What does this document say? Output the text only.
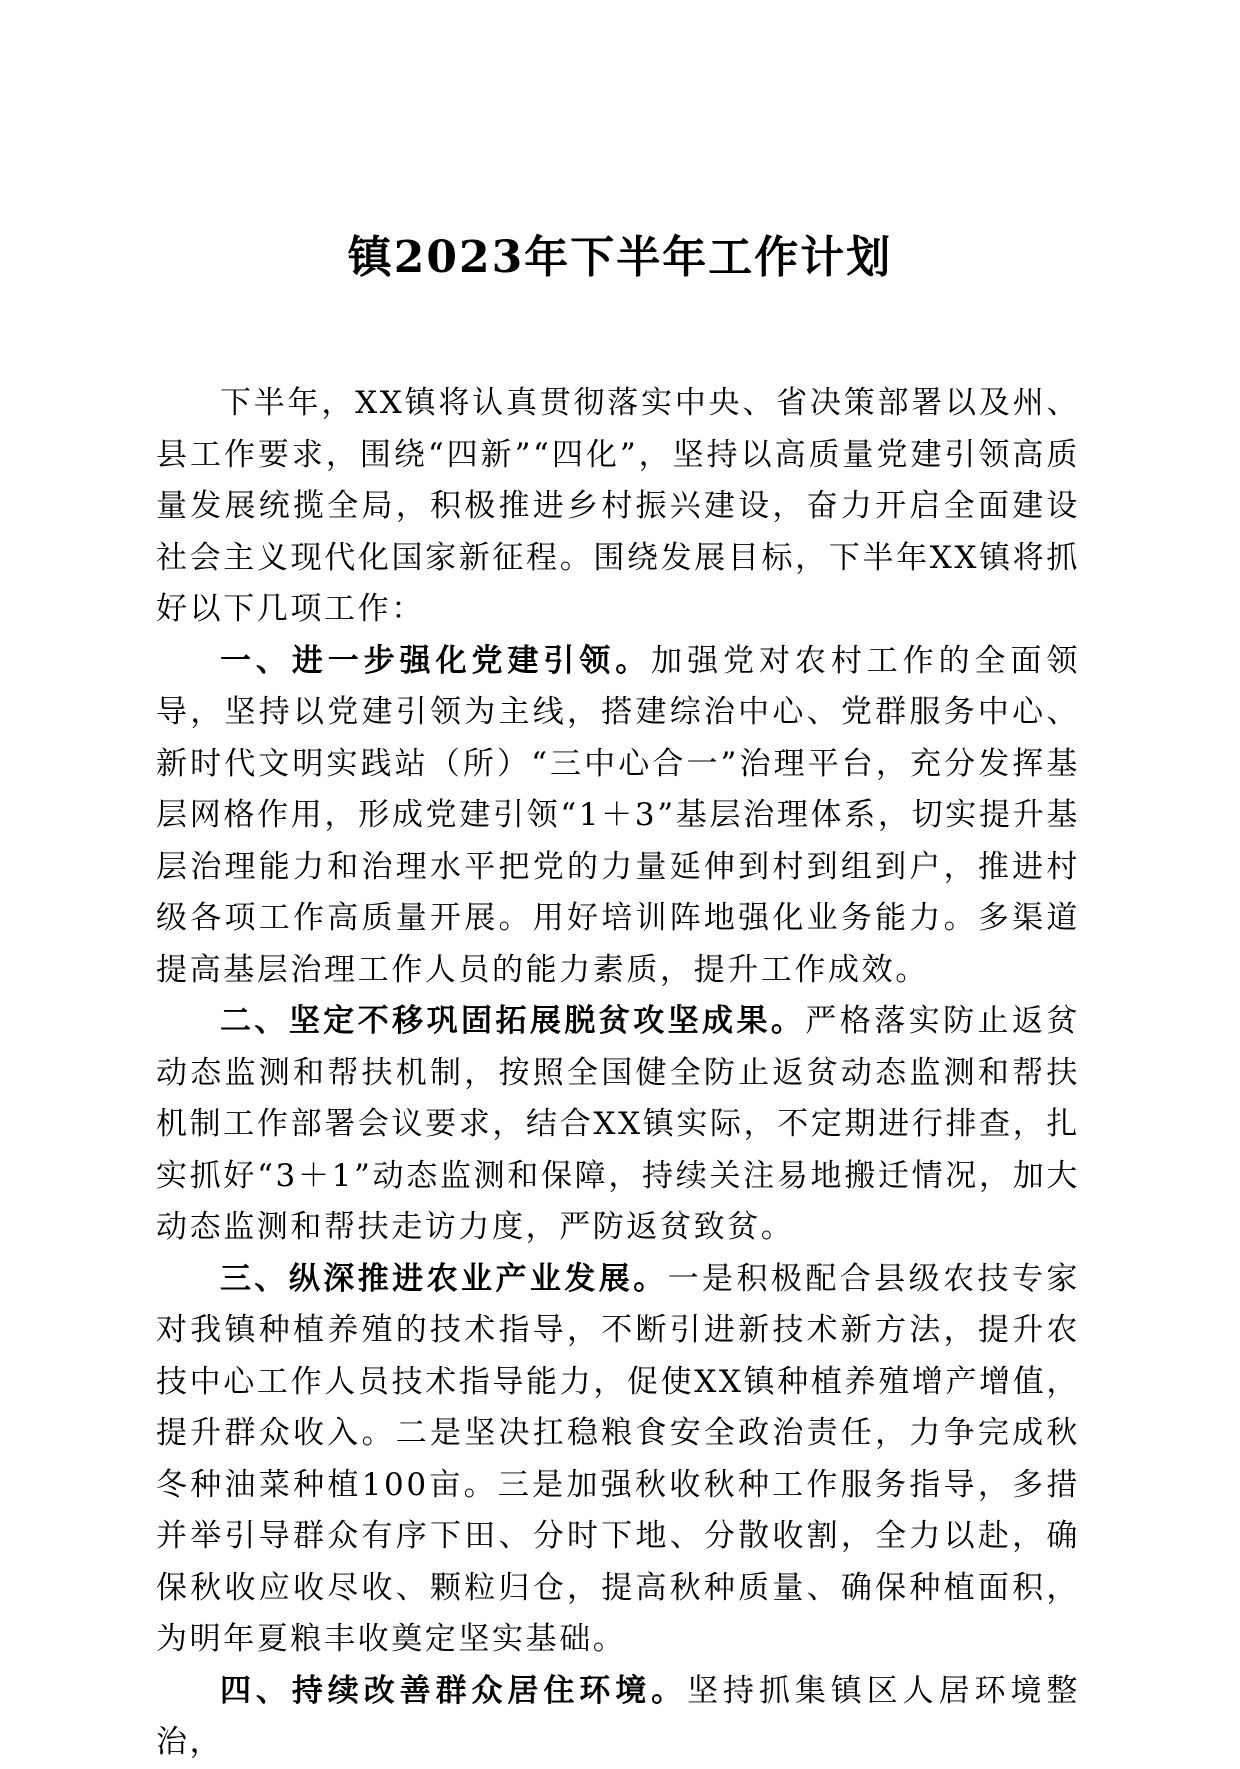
镇2023年下半年工作计划

下半年，XX镇将认真贯彻落实中央、省决策部署以及州、县工作要求，围绕“四新”“四化”，坚持以高质量党建引领高质量发展统揽全局，积极推进乡村振兴建设，奋力开启全面建设社会主义现代化国家新征程。围绕发展目标，下半年XX镇将抓好以下几项工作：

一、进一步强化党建引领。加强党对农村工作的全面领导，坚持以党建引领为主线，搭建综治中心、党群服务中心、新时代文明实践站（所）“三中心合一”治理平台，充分发挥基层网格作用，形成党建引领“1＋3”基层治理体系，切实提升基层治理能力和治理水平把党的力量延伸到村到组到户，推进村级各项工作高质量开展。用好培训阵地强化业务能力。多渠道提高基层治理工作人员的能力素质，提升工作成效。

二、坚定不移巩固拓展脱贫攻坚成果。严格落实防止返贫动态监测和帮扶机制，按照全国健全防止返贫动态监测和帮扶机制工作部署会议要求，结合XX镇实际，不定期进行排查，扎实抓好“3＋1”动态监测和保障，持续关注易地搬迁情况，加大动态监测和帮扶走访力度，严防返贫致贫。

三、纵深推进农业产业发展。一是积极配合县级农技专家对我镇种植养殖的技术指导，不断引进新技术新方法，提升农技中心工作人员技术指导能力，促使XX镇种植养殖增产增值，提升群众收入。二是坚决扛稳粮食安全政治责任，力争完成秋冬种油菜种植100亩。三是加强秋收秋种工作服务指导，多措并举引导群众有序下田、分时下地、分散收割，全力以赴，确保秋收应收尽收、颗粒归仓，提高秋种质量、确保种植面积，为明年夏粮丰收奠定坚实基础。

四、持续改善群众居住环境。坚持抓集镇区人居环境整治，
